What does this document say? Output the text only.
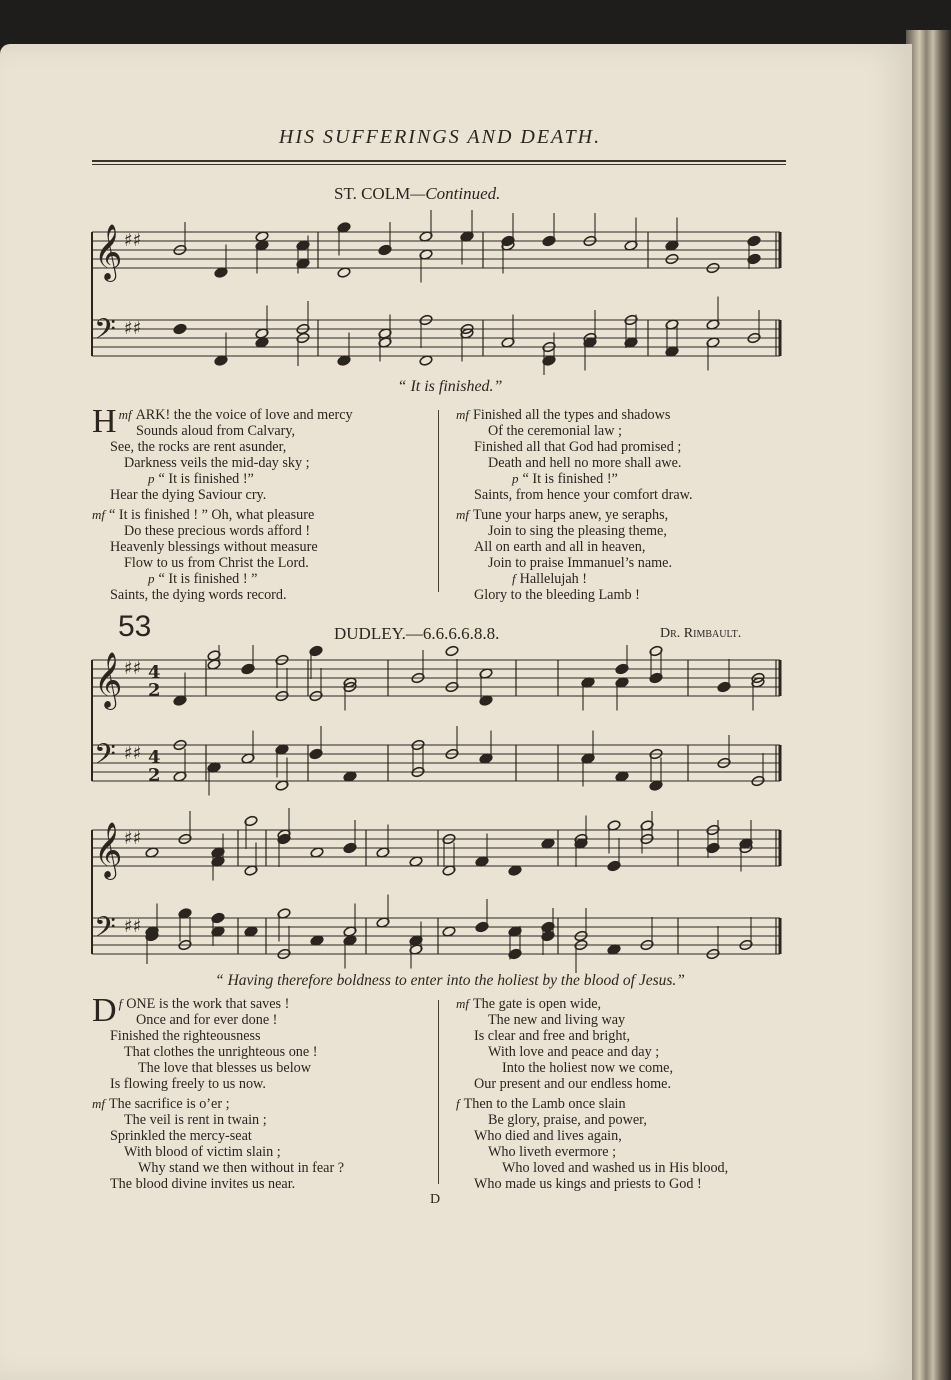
HIS SUFFERINGS AND DEATH.
ST. COLM—Continued.
𝄞 ♯♯
𝄢 ♯♯
“ It is finished.”
mf
H ARK! the the voice of love and mercy
Sounds aloud from Calvary,
See, the rocks are rent asunder,
Darkness veils the mid-day sky ;
p “ It is finished !”
Hear the dying Saviour cry.
mf “ It is finished ! ” Oh, what pleasure
Do these precious words afford !
Heavenly blessings without measure
Flow to us from Christ the Lord.
p “ It is finished ! ”
Saints, the dying words record.
mf Finished all the types and shadows
Of the ceremonial law ;
Finished all that God had promised ;
Death and hell no more shall awe.
p “ It is finished !”
Saints, from hence your comfort draw.
mf Tune your harps anew, ye seraphs,
Join to sing the pleasing theme,
All on earth and all in heaven,
Join to praise Immanuel’s name.
f Hallelujah !
Glory to the bleeding Lamb !
53	DUDLEY.—6.6.6.6.8.8.	Dr. Rimbault.
𝄞 ♯♯ 4
2
𝄢 ♯♯ 4
2
𝄞 ♯♯
𝄢 ♯♯
“ Having therefore boldness to enter into the holiest by the blood of Jesus.”
f
D ONE is the work that saves !
Once and for ever done !
Finished the righteousness
That clothes the unrighteous one !
The love that blesses us below
Is flowing freely to us now.
mf The sacrifice is o’er ;
The veil is rent in twain ;
Sprinkled the mercy-seat
With blood of victim slain ;
Why stand we then without in fear ?
The blood divine invites us near.
mf The gate is open wide,
The new and living way
Is clear and free and bright,
With love and peace and day ;
Into the holiest now we come,
Our present and our endless home.
f Then to the Lamb once slain
Be glory, praise, and power,
Who died and lives again,
Who liveth evermore ;
Who loved and washed us in His blood,
Who made us kings and priests to God !
D
